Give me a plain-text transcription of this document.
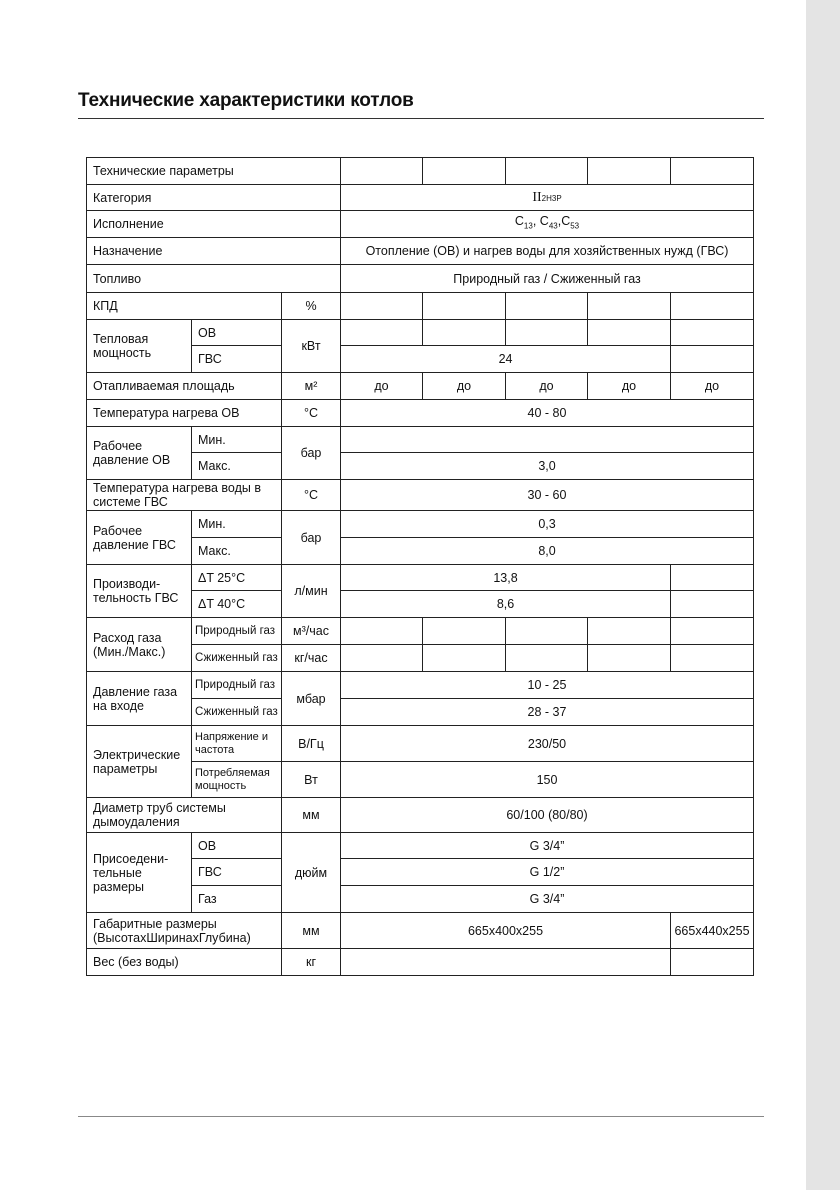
Технические характеристики котлов
Технические параметры							
Категория			II2H3P				
Исполнение			$C_{13}$, $C_{43},C_{53}$
Назначение			Отопление (ОВ) и нагрев воды для хозяйственных нужд (ГВС)				
Топливо			Природный газ / Сжиженный газ				
КПД		%					
Тепловая мощность	ОВ	кВт					
	ГВС		24				
Отапливаемая площадь		м²	до	до	до	до	до
Температура нагрева ОВ		°С	40 - 80				
Рабочее давление ОВ	Мин.	бар					
	Макс.		3,0				
Температура нагрева воды в системе ГВС		°С	30 - 60				
Рабочее давление ГВС	Мин.	бар	0,3				
	Макс.		8,0				
Производи-тельность ГВС	ΔT 25°C	л/мин	13,8				
	ΔT 40°C		8,6				
Расход газа (Мин./Макс.)	Природный газ	м³/час					
	Сжиженный газ	кг/час					
Давление газа на входе	Природный газ	мбар	10 - 25				
	Сжиженный газ		28 - 37				
Электрические параметры	Напряжение и частота	В/Гц	230/50				
	Потребляемая мощность	Вт	150				
Диаметр труб системы дымоудаления		мм	60/100 (80/80)				
Присоедени-тельные размеры	ОВ	дюйм	G 3/4”				
	ГВС		G 1/2”				
	Газ		G 3/4”				
Габаритные размеры (ВысотахШиринахГлубина)		мм	665x400x255				665x440x255
Вес (без воды)		кг					
